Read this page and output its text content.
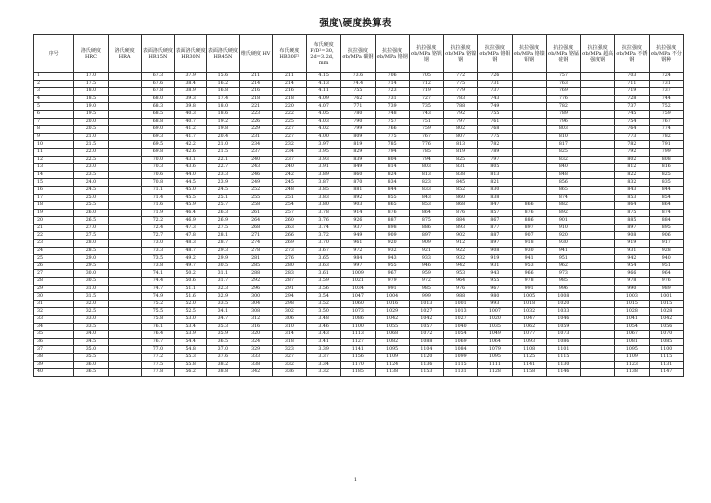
强度\硬度换算表
序号	洛氏硬度 HRC	洛氏硬度 HRA	表面洛氏硬度 HR15N	表面洛氏硬度 HR30N	表面洛氏硬度 HR45N	维氏硬度 HV	布氏硬度 HB30F²	布氏硬度 F/D²=30，2d=3.2d，mm	抗拉强度 σb/MPa 碳钢	抗拉强度 σb/MPa 铬钢	抗拉强度 σb/MPa 铬钒钢	抗拉强度 σb/MPa 铬镍钢	抗拉强度 σb/MPa 铬钼钢	抗拉强度 σb/MPa 铬镍钼钢	抗拉强度 σb/MPa 铬锰硅钢	抗拉强度 σb/MPa 超高强度钢	抗拉强度 σb/MPa 不锈钢	抗拉强度 σb/MPa 不分钢种
1	17.0		67.3	37.9	15.6	211	211	4.15	73.6	706	705	772	726		757		703	724
2	17.5		67.6	38.4	16.2	214	214	4.13	74.4	714	712	775	731		763		711	731
3	18.0		67.8	38.9	16.8	216	216	4.11	755	723	719	779	737		769		719	737
4	18.5		68.0	39.3	17.4	218	218	4.09	762	731	727	783	743		776		728	744
5	19.0		68.3	39.8	18.0	221	220	4.07	771	739	735	788	749		782		737	752
6	19.5		68.5	40.3	18.6	223	222	4.05	780	748	743	792	755		789		745	759
7	20.0		68.8	40.7	19.2	226	225	4.03	790	757	751	797	761		796		754	767
8	20.5		69.0	41.2	19.8	229	227	4.02	799	766	759	802	768		803		764	774
9	21.0		69.3	41.7	20.4	231	227	4.00	809	775	767	807	775		810		773	782
10	21.5		69.5	42.2	21.0	234	232	3.97	819	785	776	813	782		817		782	791
11	22.0		69.8	42.6	21.5	237	234	3.95	829	794	785	819	789		825		792	799
12	22.5		70.0	43.1	22.1	240	237	3.93	839	804	794	825	797		832		802	808
13	23.0		70.3	43.6	22.7	243	240	3.91	849	814	803	831	805		840		812	816
14	23.5		70.6	44.0	23.3	246	242	3.89	860	824	813	838	813		848		822	825
15	24.0		70.8	44.5	23.9	249	245	3.87	870	834	823	845	821		856		832	835
16	24.5		71.1	45.0	24.5	252	248	3.85	881	844	833	852	830		865		843	844
17	25.0		71.4	45.5	25.1	255	251	3.83	892	855	843	860	838		874		853	854
18	25.5		71.6	45.9	25.7	258	254	3.80	903	865	853	868	847	866	882		864	864
19	26.0		71.9	46.4	26.3	261	257	3.78	914	876	864	876	857	876	892		875	874
20	26.5		72.2	46.9	26.9	264	260	3.76	926	887	875	884	867	886	901		885	884
21	27.0		72.4	47.3	27.5	268	263	3.74	937	898	886	893	877	897	910		897	895
22	27.5		72.7	47.8	28.1	271	266	3.72	949	909	897	902	887	907	920		908	906
23	28.0		73.0	48.3	28.7	274	269	3.70	961	920	909	912	897	918	930		919	917
24	28.5		73.3	48.7	29.3	278	273	3.67	972	932	921	922	908	930	941		931	928
25	29.0		73.5	49.2	29.9	281	276	3.65	984	943	933	932	919	941	951		942	940
26	29.5		73.8	49.7	30.5	285	280	3.63	997	955	946	942	931	953	962		954	951
27	30.0		74.1	50.2	31.1	288	283	3.61	1009	967	959	953	943	966	973		966	964
28	30.5		74.4	50.6	31.7	292	287	3.59	1021	979	972	964	955	978	985		978	976
29	31.0		74.7	51.1	32.3	296	291	3.56	1034	991	985	976	967	991	996		990	989
30	31.5		74.9	51.6	32.9	300	294	3.54	1047	1004	999	988	980	1005	1008		1003	1001
31	32.0		75.2	52.0	33.5	304	298	3.52	1060	1016	1013	1001	993	1018	1020		1015	1015
32	32.5		75.5	52.5	34.1	308	302	3.50	1073	1029	1027	1013	1007	1032	1033		1028	1028
33	33.0		75.8	53.0	34.7	312	306	3.48	1086	1042	1042	1027	1020	1047	1046		1041	1042
34	33.5		76.1	53.4	35.3	316	310	3.46	1100	1055	1057	1040	1035	1062	1059		1054	1056
35	34.0		76.4	53.9	35.9	320	314	3.43	1113	1068	1072	1054	1049	1077	1073		1067	1070
36	34.5		76.7	54.4	36.5	324	318	3.41	1127	1082	1088	1069	1064	1093	1086		1081	1085
37	35.0		77.0	54.8	37.0	329	323	3.39	1141	1095	1104	1084	1079	1108	1101		1095	1100
38	35.5		77.2	55.3	37.6	333	327	3.37	1156	1109	1120	1099	1095	1125	1115		1109	1115
39	36.0		77.5	55.8	38.2	338	332	3.34	1170	1124	1136	1115	1111	1141	1130		1123	1131
40	36.5		77.8	56.2	38.8	342	336	3.32	1185	1138	1153	1131	1128	1158	1146		1138	1147
1
